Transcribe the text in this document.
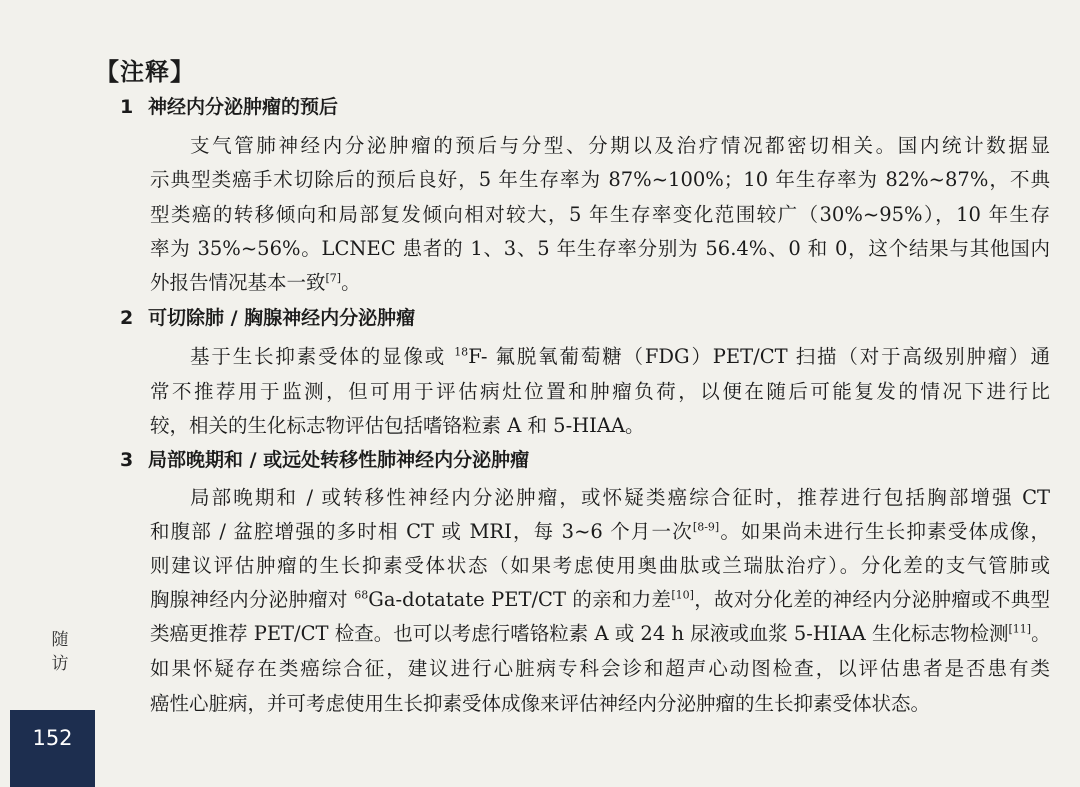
【注释】
1 神经内分泌肿瘤的预后
支气管肺神经内分泌肿瘤的预后与分型、分期以及治疗情况都密切相关。国内统计数据显
示典型类癌手术切除后的预后良好，5 年生存率为 87%~100%；10 年生存率为 82%~87%，不典
型类癌的转移倾向和局部复发倾向相对较大，5 年生存率变化范围较广（30%~95%），10 年生存
率为 35%~56%。LCNEC 患者的 1、3、5 年生存率分别为 56.4%、0 和 0，这个结果与其他国内
外报告情况基本一致[7]。
2 可切除肺 / 胸腺神经内分泌肿瘤
基于生长抑素受体的显像或 $^{18}$F- 氟脱氧葡萄糖（FDG）PET/CT 扫描（对于高级别肿瘤）通
常不推荐用于监测，但可用于评估病灶位置和肿瘤负荷，以便在随后可能复发的情况下进行比
较，相关的生化标志物评估包括嗜铬粒素 A 和 5-HIAA。
3 局部晚期和 / 或远处转移性肺神经内分泌肿瘤
局部晚期和 / 或转移性神经内分泌肿瘤，或怀疑类癌综合征时，推荐进行包括胸部增强 CT
和腹部 / 盆腔增强的多时相 CT 或 MRI，每 3~6 个月一次[8-9]。如果尚未进行生长抑素受体成像，
则建议评估肿瘤的生长抑素受体状态（如果考虑使用奥曲肽或兰瑞肽治疗）。分化差的支气管肺或
胸腺神经内分泌肿瘤对 $^{68}$Ga-dotatate PET/CT 的亲和力差[10]，故对分化差的神经内分泌肿瘤或不典型
类癌更推荐 PET/CT 检查。也可以考虑行嗜铬粒素 A 或 24 h 尿液或血浆 5-HIAA 生化标志物检测[11]。
如果怀疑存在类癌综合征，建议进行心脏病专科会诊和超声心动图检查，以评估患者是否患有类
癌性心脏病，并可考虑使用生长抑素受体成像来评估神经内分泌肿瘤的生长抑素受体状态。
随
访
152
